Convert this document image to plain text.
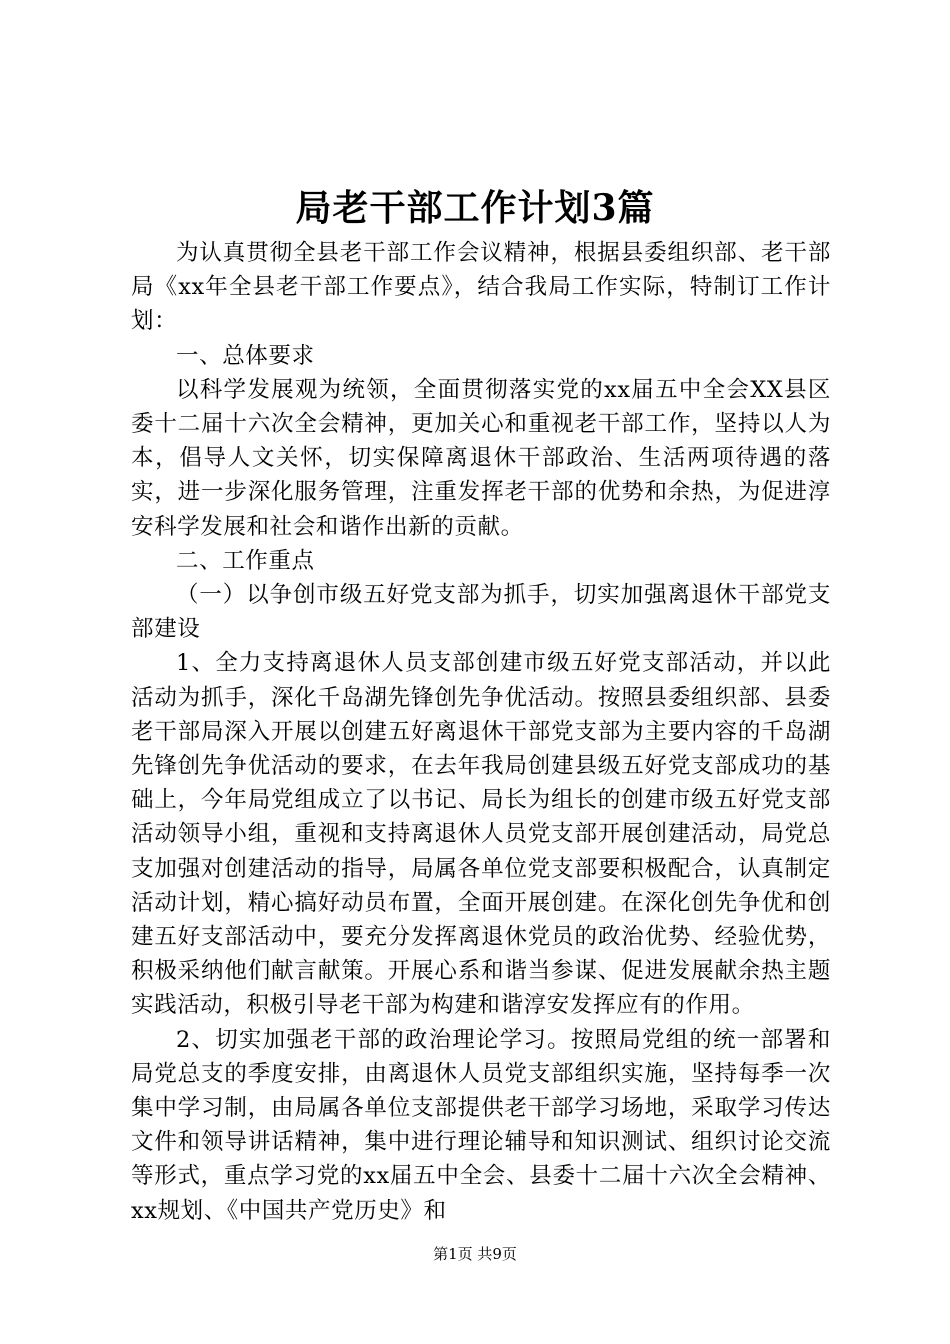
局老干部工作计划3篇

为认真贯彻全县老干部工作会议精神，根据县委组织部、老干部局《xx年全县老干部工作要点》，结合我局工作实际，特制订工作计划：

一、总体要求

以科学发展观为统领，全面贯彻落实党的xx届五中全会XX县区委十二届十六次全会精神，更加关心和重视老干部工作，坚持以人为本，倡导人文关怀，切实保障离退休干部政治、生活两项待遇的落实，进一步深化服务管理，注重发挥老干部的优势和余热，为促进淳安科学发展和社会和谐作出新的贡献。

二、工作重点

（一）以争创市级五好党支部为抓手，切实加强离退休干部党支部建设

1、全力支持离退休人员支部创建市级五好党支部活动，并以此活动为抓手，深化千岛湖先锋创先争优活动。按照县委组织部、县委老干部局深入开展以创建五好离退休干部党支部为主要内容的千岛湖先锋创先争优活动的要求，在去年我局创建县级五好党支部成功的基础上，今年局党组成立了以书记、局长为组长的创建市级五好党支部活动领导小组，重视和支持离退休人员党支部开展创建活动，局党总支加强对创建活动的指导，局属各单位党支部要积极配合，认真制定活动计划，精心搞好动员布置，全面开展创建。在深化创先争优和创建五好支部活动中，要充分发挥离退休党员的政治优势、经验优势，积极采纳他们献言献策。开展心系和谐当参谋、促进发展献余热主题实践活动，积极引导老干部为构建和谐淳安发挥应有的作用。

2、切实加强老干部的政治理论学习。按照局党组的统一部署和局党总支的季度安排，由离退休人员党支部组织实施，坚持每季一次集中学习制，由局属各单位支部提供老干部学习场地，采取学习传达文件和领导讲话精神，集中进行理论辅导和知识测试、组织讨论交流等形式，重点学习党的xx届五中全会、县委十二届十六次全会精神、xx规划、《中国共产党历史》和

第1页 共9页
